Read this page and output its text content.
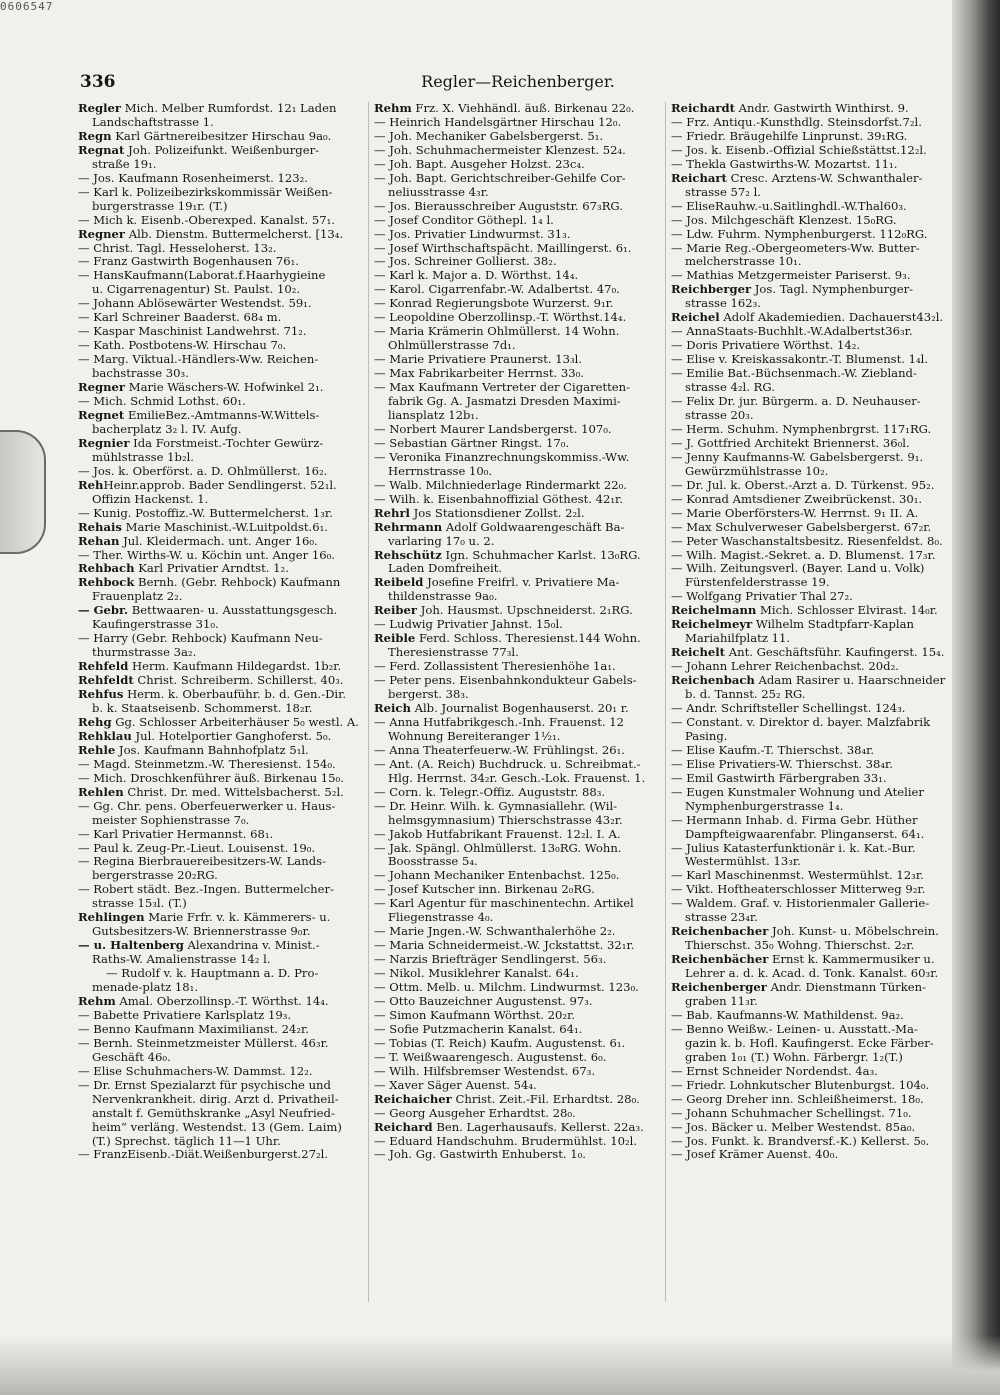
0606547
336	Regler—Reichenberger.
Regler Mich. Melber Rumfordst. 12₁ Laden
Landschaftstrasse 1.
Regn Karl Gärtnereibesitzer Hirschau 9a₀.
Regnat Joh. Polizeifunkt. Weißenburger-
straße 19₁.
— Jos. Kaufmann Rosenheimerst. 123₂.
— Karl k. Polizeibezirkskommissär Weißen-
burgerstrasse 19₁r. (T.)
— Mich k. Eisenb.-Oberexped. Kanalst. 57₁.
Regner Alb. Dienstm. Buttermelcherst. [13₄.
— Christ. Tagl. Hesseloherst. 13₂.
— Franz Gastwirth Bogenhausen 76₁.
— HansKaufmann(Laborat.f.Haarhygieine
u. Cigarrenagentur) St. Paulst. 10₂.
— Johann Ablösewärter Westendst. 59₁.
— Karl Schreiner Baaderst. 68₄ m.
— Kaspar Maschinist Landwehrst. 71₂.
— Kath. Postbotens-W. Hirschau 7₀.
— Marg. Viktual.-Händlers-Ww. Reichen-
bachstrasse 30₃.
Regner Marie Wäschers-W. Hofwinkel 2₁.
— Mich. Schmid Lothst. 60₁.
Regnet EmilieBez.-Amtmanns-W.Wittels-
bacherplatz 3₂ l. IV. Aufg.
Regnier Ida Forstmeist.-Tochter Gewürz-
mühlstrasse 1b₂l.
— Jos. k. Oberförst. a. D. Ohlmüllerst. 16₂.
RehHeinr.approb. Bader Sendlingerst. 52₁l.
Offizin Hackenst. 1.
— Kunig. Postoffiz.-W. Buttermelcherst. 1₃r.
Rehais Marie Maschinist.-W.Luitpoldst.6₁.
Rehan Jul. Kleidermach. unt. Anger 16₀.
— Ther. Wirths-W. u. Köchin unt. Anger 16₀.
Rehbach Karl Privatier Arndtst. 1₂.
Rehbock Bernh. (Gebr. Rehbock) Kaufmann
Frauenplatz 2₂.
— Gebr. Bettwaaren- u. Ausstattungsgesch.
Kaufingerstrasse 31₀.
— Harry (Gebr. Rehbock) Kaufmann Neu-
thurmstrasse 3a₂.
Rehfeld Herm. Kaufmann Hildegardst. 1b₂r.
Rehfeldt Christ. Schreiberm. Schillerst. 40₃.
Rehfus Herm. k. Oberbauführ. b. d. Gen.-Dir.
b. k. Staatseisenb. Schommerst. 18₂r.
Rehg Gg. Schlosser Arbeiterhäuser 5₀ westl. A.
Rehklau Jul. Hotelportier Ganghoferst. 5₀.
Rehle Jos. Kaufmann Bahnhofplatz 5₁l.
— Magd. Steinmetzm.-W. Theresienst. 154₀.
— Mich. Droschkenführer äuß. Birkenau 15₀.
Rehlen Christ. Dr. med. Wittelsbacherst. 5₂l.
— Gg. Chr. pens. Oberfeuerwerker u. Haus-
meister Sophienstrasse 7₀.
— Karl Privatier Hermannst. 68₁.
— Paul k. Zeug-Pr.-Lieut. Louisenst. 19₀.
— Regina Bierbrauereibesitzers-W. Lands-
bergerstrasse 20₂RG.
— Robert städt. Bez.-Ingen. Buttermelcher-
strasse 15₃l. (T.)
Rehlingen Marie Frfr. v. k. Kämmerers- u.
Gutsbesitzers-W. Briennerstrasse 9₀r.
— u. Haltenberg Alexandrina v. Minist.-
Raths-W. Amalienstrasse 14₂ l.
— Rudolf v. k. Hauptmann a. D. Pro-
menade-platz 18₁.
Rehm Amal. Oberzollinsp.-T. Wörthst. 14₄.
— Babette Privatiere Karlsplatz 19₃.
— Benno Kaufmann Maximilianst. 24₂r.
— Bernh. Steinmetzmeister Müllerst. 46₃r.
Geschäft 46₀.
— Elise Schuhmachers-W. Dammst. 12₂.
— Dr. Ernst Spezialarzt für psychische und
Nervenkrankheit. dirig. Arzt d. Privatheil-
anstalt f. Gemüthskranke „Asyl Neufried-
heim“ verläng. Westendst. 13 (Gem. Laim)
(T.) Sprechst. täglich 11—1 Uhr.
— FranzEisenb.-Diät.Weißenburgerst.27₂l.
Rehm Frz. X. Viehhändl. äuß. Birkenau 22₀.
— Heinrich Handelsgärtner Hirschau 12₀.
— Joh. Mechaniker Gabelsbergerst. 5₁.
— Joh. Schuhmachermeister Klenzest. 52₄.
— Joh. Bapt. Ausgeher Holzst. 23c₄.
— Joh. Bapt. Gerichtschreiber-Gehilfe Cor-
neliusstrasse 4₃r.
— Jos. Bierausschreiber Auguststr. 67₃RG.
— Josef Conditor Göthepl. 1₄ l.
— Jos. Privatier Lindwurmst. 31₃.
— Josef Wirthschaftspächt. Maillingerst. 6₁.
— Jos. Schreiner Gollierst. 38₂.
— Karl k. Major a. D. Wörthst. 14₄.
— Karol. Cigarrenfabr.-W. Adalbertst. 47₀.
— Konrad Regierungsbote Wurzerst. 9₁r.
— Leopoldine Oberzollinsp.-T. Wörthst.14₄.
— Maria Krämerin Ohlmüllerst. 14 Wohn.
Ohlmüllerstrasse 7d₁.
— Marie Privatiere Praunerst. 13₃l.
— Max Fabrikarbeiter Herrnst. 33₀.
— Max Kaufmann Vertreter der Cigaretten-
fabrik Gg. A. Jasmatzi Dresden Maximi-
liansplatz 12b₁.
— Norbert Maurer Landsbergerst. 107₀.
— Sebastian Gärtner Ringst. 17₀.
— Veronika Finanzrechnungskommiss.-Ww.
Herrnstrasse 10₀.
— Walb. Milchniederlage Rindermarkt 22₀.
— Wilh. k. Eisenbahnoffizial Göthest. 42₁r.
Rehrl Jos Stationsdiener Zollst. 2₂l.
Rehrmann Adolf Goldwaarengeschäft Ba-
varlaring 17₀ u. 2.
Rehschütz Ign. Schuhmacher Karlst. 13₀RG.
Laden Domfreiheit.
Reibeld Josefine Freifrl. v. Privatiere Ma-
thildenstrasse 9a₀.
Reiber Joh. Hausmst. Upschneiderst. 2₁RG.
— Ludwig Privatier Jahnst. 15₀l.
Reible Ferd. Schloss. Theresienst.144 Wohn.
Theresienstrasse 77₃l.
— Ferd. Zollassistent Theresienhöhe 1a₁.
— Peter pens. Eisenbahnkondukteur Gabels-
bergerst. 38₃.
Reich Alb. Journalist Bogenhauserst. 20₁ r.
— Anna Hutfabrikgesch.-Inh. Frauenst. 12
Wohnung Bereiteranger 1½₁.
— Anna Theaterfeuerw.-W. Frühlingst. 26₁.
— Ant. (A. Reich) Buchdruck. u. Schreibmat.-
Hlg. Herrnst. 34₂r. Gesch.-Lok. Frauenst. 1.
— Corn. k. Telegr.-Offiz. Auguststr. 88₃.
— Dr. Heinr. Wilh. k. Gymnasiallehr. (Wil-
helmsgymnasium) Thierschstrasse 43₂r.
— Jakob Hutfabrikant Frauenst. 12₂l. I. A.
— Jak. Spängl. Ohlmüllerst. 13₀RG. Wohn.
Boosstrasse 5₄.
— Johann Mechaniker Entenbachst. 125₀.
— Josef Kutscher inn. Birkenau 2₀RG.
— Karl Agentur für maschinentechn. Artikel
Fliegenstrasse 4₀.
— Marie Jngen.-W. Schwanthalerhöhe 2₂.
— Maria Schneidermeist.-W. Jckstattst. 32₁r.
— Narzis Briefträger Sendlingerst. 56₃.
— Nikol. Musiklehrer Kanalst. 64₁.
— Ottm. Melb. u. Milchm. Lindwurmst. 123₀.
— Otto Bauzeichner Augustenst. 97₃.
— Simon Kaufmann Wörthst. 20₂r.
— Sofie Putzmacherin Kanalst. 64₁.
— Tobias (T. Reich) Kaufm. Augustenst. 6₁.
— T. Weißwaarengesch. Augustenst. 6₀.
— Wilh. Hilfsbremser Westendst. 67₃.
— Xaver Säger Auenst. 54₄.
Reichaicher Christ. Zeit.-Fil. Erhardtst. 28₀.
— Georg Ausgeher Erhardtst. 28₀.
Reichard Ben. Lagerhausaufs. Kellerst. 22a₃.
— Eduard Handschuhm. Brudermühlst. 10₂l.
— Joh. Gg. Gastwirth Enhuberst. 1₀.
Reichardt Andr. Gastwirth Winthirst. 9.
— Frz. Antiqu.-Kunsthdlg. Steinsdorfst.7₂l.
— Friedr. Bräugehilfe Linprunst. 39₁RG.
— Jos. k. Eisenb.-Offizial Schießstättst.12₂l.
— Thekla Gastwirths-W. Mozartst. 11₁.
Reichart Cresc. Arztens-W. Schwanthaler-
strasse 57₂ l.
— EliseRauhw.-u.Saitlinghdl.-W.Thal60₃.
— Jos. Milchgeschäft Klenzest. 15₀RG.
— Ldw. Fuhrm. Nymphenburgerst. 112₀RG.
— Marie Reg.-Obergeometers-Ww. Butter-
melcherstrasse 10₁.
— Mathias Metzgermeister Pariserst. 9₃.
Reichberger Jos. Tagl. Nymphenburger-
strasse 162₃.
Reichel Adolf Akademiedien. Dachauerst43₂l.
— AnnaStaats-Buchhlt.-W.Adalbertst36₃r.
— Doris Privatiere Wörthst. 14₂.
— Elise v. Kreiskassakontr.-T. Blumenst. 1₄l.
— Emilie Bat.-Büchsenmach.-W. Ziebland-
strasse 4₂l. RG.
— Felix Dr. jur. Bürgerm. a. D. Neuhauser-
strasse 20₃.
— Herm. Schuhm. Nymphenbrgrst. 117₁RG.
— J. Gottfried Architekt Briennerst. 36₀l.
— Jenny Kaufmanns-W. Gabelsbergerst. 9₁.
Gewürzmühlstrasse 10₂.
— Dr. Jul. k. Oberst.-Arzt a. D. Türkenst. 95₂.
— Konrad Amtsdiener Zweibrückenst. 30₁.
— Marie Oberförsters-W. Herrnst. 9₁ II. A.
— Max Schulverweser Gabelsbergerst. 67₂r.
— Peter Waschanstaltsbesitz. Riesenfeldst. 8₀.
— Wilh. Magist.-Sekret. a. D. Blumenst. 17₃r.
— Wilh. Zeitungsverl. (Bayer. Land u. Volk)
Fürstenfelderstrasse 19.
— Wolfgang Privatier Thal 27₂.
Reichelmann Mich. Schlosser Elvirast. 14₀r.
Reichelmeyr Wilhelm Stadtpfarr-Kaplan
Mariahilfplatz 11.
Reichelt Ant. Geschäftsführ. Kaufingerst. 15₄.
— Johann Lehrer Reichenbachst. 20d₂.
Reichenbach Adam Rasirer u. Haarschneider
b. d. Tannst. 25₂ RG.
— Andr. Schriftsteller Schellingst. 124₃.
— Constant. v. Direktor d. bayer. Malzfabrik
Pasing.
— Elise Kaufm.-T. Thierschst. 38₄r.
— Elise Privatiers-W. Thierschst. 38₄r.
— Emil Gastwirth Färbergraben 33₁.
— Eugen Kunstmaler Wohnung und Atelier
Nymphenburgerstrasse 1₄.
— Hermann Inhab. d. Firma Gebr. Hüther
Dampfteigwaarenfabr. Plinganserst. 64₁.
— Julius Katasterfunktionär i. k. Kat.-Bur.
Westermühlst. 13₃r.
— Karl Maschinenmst. Westermühlst. 12₃r.
— Vikt. Hoftheaterschlosser Mitterweg 9₂r.
— Waldem. Graf. v. Historienmaler Gallerie-
strasse 23₄r.
Reichenbacher Joh. Kunst- u. Möbelschrein.
Thierschst. 35₀ Wohng. Thierschst. 2₂r.
Reichenbächer Ernst k. Kammermusiker u.
Lehrer a. d. k. Acad. d. Tonk. Kanalst. 60₃r.
Reichenberger Andr. Dienstmann Türken-
graben 11₃r.
— Bab. Kaufmanns-W. Mathildenst. 9a₂.
— Benno Weißw.- Leinen- u. Ausstatt.-Ma-
gazin k. b. Hofl. Kaufingerst. Ecke Färber-
graben 1₀₁ (T.) Wohn. Färbergr. 1₂(T.)
— Ernst Schneider Nordendst. 4a₃.
— Friedr. Lohnkutscher Blutenburgst. 104₀.
— Georg Dreher inn. Schleißheimerst. 18₀.
— Johann Schuhmacher Schellingst. 71₀.
— Jos. Bäcker u. Melber Westendst. 85a₀.
— Jos. Funkt. k. Brandversf.-K.) Kellerst. 5₀.
— Josef Krämer Auenst. 40₀.
